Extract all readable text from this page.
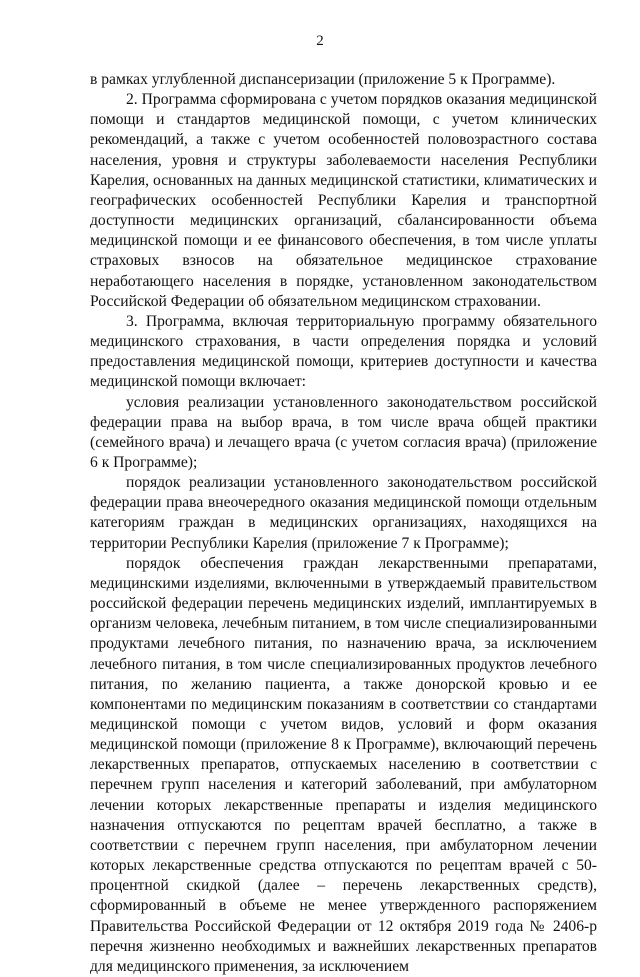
2

в рамках углубленной диспансеризации (приложение 5 к Программе).

2. Программа сформирована с учетом порядков оказания медицинской помощи и стандартов медицинской помощи, с учетом клинических рекомендаций, а также с учетом особенностей половозрастного состава населения, уровня и структуры заболеваемости населения Республики Карелия, основанных на данных медицинской статистики, климатических и географических особенностей Республики Карелия и транспортной доступности медицинских организаций, сбалансированности объема медицинской помощи и ее финансового обеспечения, в том числе уплаты страховых взносов на обязательное медицинское страхование неработающего населения в порядке, установленном законодательством Российской Федерации об обязательном медицинском страховании.

3. Программа, включая территориальную программу обязательного медицинского страхования, в части определения порядка и условий предоставления медицинской помощи, критериев доступности и качества медицинской помощи включает:

условия реализации установленного законодательством российской федерации права на выбор врача, в том числе врача общей практики (семейного врача) и лечащего врача (с учетом согласия врача) (приложение 6 к Программе);

порядок реализации установленного законодательством российской федерации права внеочередного оказания медицинской помощи отдельным категориям граждан в медицинских организациях, находящихся на территории Республики Карелия (приложение 7 к Программе);

порядок обеспечения граждан лекарственными препаратами, медицинскими изделиями, включенными в утверждаемый правительством российской федерации перечень медицинских изделий, имплантируемых в организм человека, лечебным питанием, в том числе специализированными продуктами лечебного питания, по назначению врача, за исключением лечебного питания, в том числе специализированных продуктов лечебного питания, по желанию пациента, а также донорской кровью и ее компонентами по медицинским показаниям в соответствии со стандартами медицинской помощи с учетом видов, условий и форм оказания медицинской помощи (приложение 8 к Программе), включающий перечень лекарственных препаратов, отпускаемых населению в соответствии с перечнем групп населения и категорий заболеваний, при амбулаторном лечении которых лекарственные препараты и изделия медицинского назначения отпускаются по рецептам врачей бесплатно, а также в соответствии с перечнем групп населения, при амбулаторном лечении которых лекарственные средства отпускаются по рецептам врачей с 50-процентной скидкой (далее – перечень лекарственных средств), сформированный в объеме не менее утвержденного распоряжением Правительства Российской Федерации от 12 октября 2019 года № 2406-р перечня жизненно необходимых и важнейших лекарственных препаратов для медицинского применения, за исключением
